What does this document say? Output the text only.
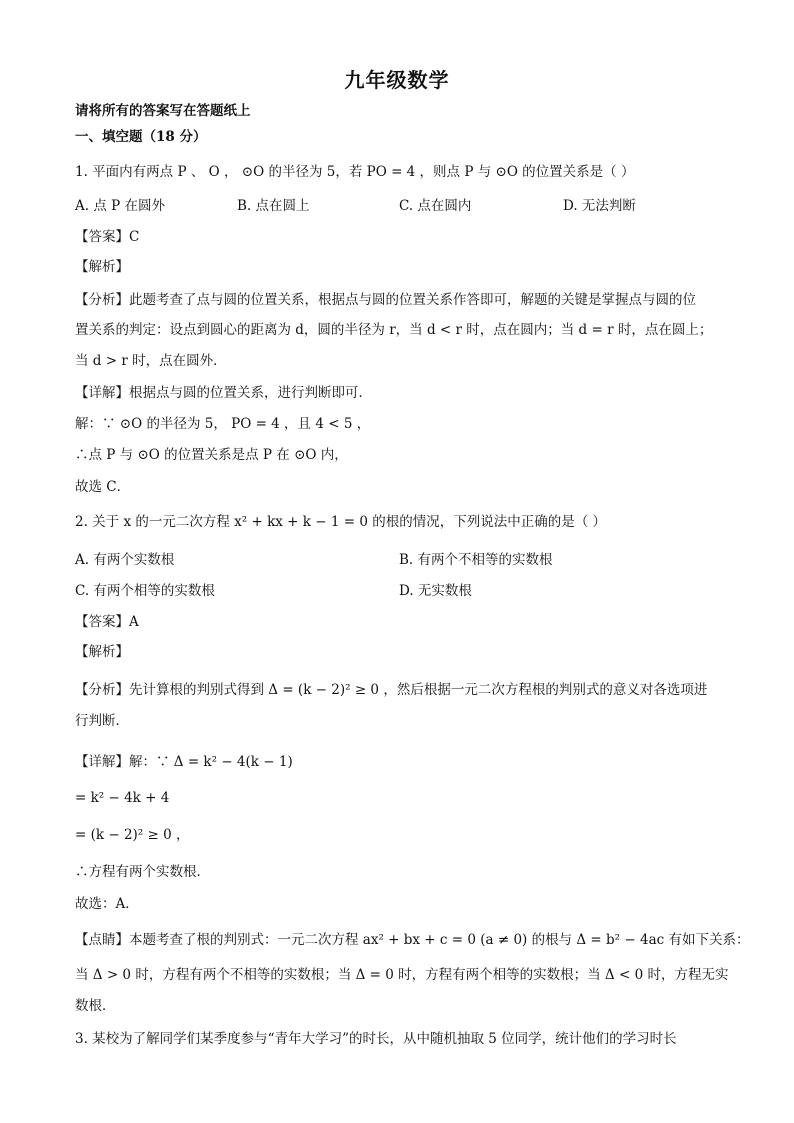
九年级数学
请将所有的答案写在答题纸上
一、填空题（18 分）
1. 平面内有两点 P 、 O ， ⊙O 的半径为 5，若 PO = 4 ，则点 P 与 ⊙O 的位置关系是（ ）
A. 点 P 在圆外	B. 点在圆上	C. 点在圆内	D. 无法判断
【答案】C
【解析】
【分析】此题考查了点与圆的位置关系，根据点与圆的位置关系作答即可，解题的关键是掌握点与圆的位
置关系的判定：设点到圆心的距离为 d，圆的半径为 r，当 d < r 时，点在圆内；当 d = r 时，点在圆上；
当 d > r 时，点在圆外．
【详解】根据点与圆的位置关系，进行判断即可．
解：∵ ⊙O 的半径为 5， PO = 4 ，且 4 < 5 ，
∴点 P 与 ⊙O 的位置关系是点 P 在 ⊙O 内，
故选 C．
2. 关于 x 的一元二次方程 x² + kx + k − 1 = 0 的根的情况，下列说法中正确的是（ ）
A. 有两个实数根	B. 有两个不相等的实数根
C. 有两个相等的实数根	D. 无实数根
【答案】A
【解析】
【分析】先计算根的判别式得到 Δ = (k − 2)² ≥ 0 ，然后根据一元二次方程根的判别式的意义对各选项进
行判断．
【详解】解：∵ Δ = k² − 4(k − 1)
= k² − 4k + 4
= (k − 2)² ≥ 0 ，
∴方程有两个实数根．
故选：A．
【点睛】本题考查了根的判别式：一元二次方程 ax² + bx + c = 0 (a ≠ 0) 的根与 Δ = b² − 4ac 有如下关系：
当 Δ > 0 时，方程有两个不相等的实数根；当 Δ = 0 时，方程有两个相等的实数根；当 Δ < 0 时，方程无实
数根．
3. 某校为了解同学们某季度参与“青年大学习”的时长，从中随机抽取 5 位同学，统计他们的学习时长
